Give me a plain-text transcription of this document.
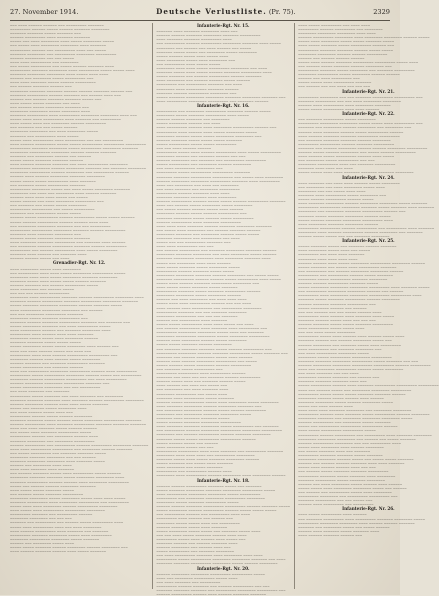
27. November 1914.	Deutsche Verlustliste. (Pr. 75).	2329
‒‒‒ ‒‒‒‒ ‒‒‒‒‒‒ ‒‒‒‒‒‒ ‒‒‒ ‒‒‒‒‒‒‒‒‒ ‒‒‒‒‒‒‒
‒‒‒‒‒‒‒‒‒ ‒‒‒‒‒‒ ‒‒‒‒‒ ‒‒‒‒‒‒ ‒‒‒‒‒‒‒ ‒‒‒‒‒‒‒‒
‒‒‒‒‒‒‒ ‒‒‒‒‒‒‒ ‒‒‒‒‒ ‒‒‒‒‒‒‒ ‒‒‒
‒‒‒‒‒‒ ‒‒‒‒‒‒‒‒‒ ‒‒‒‒ ‒‒‒‒‒‒‒ ‒‒‒‒‒‒‒
‒‒‒‒‒ ‒‒‒ ‒‒‒‒ ‒‒‒‒‒‒‒‒ ‒‒‒‒ ‒‒‒‒‒ ‒‒‒‒‒‒‒‒ ‒‒‒‒‒
‒‒‒ ‒‒‒‒‒ ‒‒‒‒ ‒‒‒‒‒‒‒‒ ‒‒‒‒‒‒‒‒ ‒‒‒‒ ‒‒‒‒‒‒‒
‒‒‒‒‒‒‒‒‒ ‒‒‒‒‒‒ ‒‒‒ ‒‒‒‒‒‒‒‒‒ ‒‒‒‒ ‒‒‒ ‒‒‒‒‒
‒‒‒‒‒‒‒ ‒‒‒‒‒‒‒‒ ‒‒‒ ‒‒‒‒‒‒‒‒‒ ‒‒‒‒‒‒‒‒ ‒‒‒‒‒‒‒‒‒
‒‒‒‒‒‒ ‒‒‒‒‒‒‒‒‒ ‒‒‒ ‒‒‒ ‒‒‒‒‒
‒‒‒‒ ‒‒‒‒ ‒‒‒‒‒‒‒‒‒ ‒‒‒ ‒‒‒‒‒‒‒‒
‒‒‒ ‒‒‒‒‒ ‒‒‒‒‒‒‒‒‒ ‒‒‒ ‒‒‒‒‒ ‒‒‒‒‒‒ ‒‒‒‒‒‒‒ ‒‒‒‒
‒‒‒‒‒‒‒‒‒ ‒‒‒‒‒‒‒ ‒‒‒‒‒‒‒‒ ‒‒‒‒ ‒‒‒‒‒‒‒‒‒ ‒‒‒‒‒ ‒‒‒‒‒ ‒‒‒‒
‒‒‒‒‒‒‒ ‒‒‒‒‒‒‒‒ ‒‒‒‒‒‒‒‒ ‒‒‒‒ ‒‒‒‒‒ ‒‒‒‒ ‒‒‒‒
‒‒‒‒‒‒ ‒‒‒ ‒‒‒‒‒‒‒‒ ‒‒‒‒‒ ‒‒‒‒‒‒‒‒‒ ‒‒‒
‒‒‒‒ ‒‒‒‒ ‒‒‒‒‒‒‒ ‒‒‒‒‒ ‒‒‒‒‒‒ ‒‒‒‒‒‒‒‒‒
‒‒‒ ‒‒‒‒‒‒ ‒‒‒‒‒‒‒ ‒‒‒‒‒‒ ‒‒‒
‒‒‒‒‒‒‒‒ ‒‒‒‒‒‒‒ ‒‒‒‒‒‒‒ ‒‒‒‒‒‒ ‒‒‒‒‒‒ ‒‒‒‒‒‒‒ ‒‒‒‒‒‒ ‒‒‒
‒‒‒‒‒‒‒ ‒‒‒‒‒‒‒‒‒ ‒‒‒‒‒‒ ‒‒‒‒‒‒‒ ‒‒‒ ‒‒‒‒‒‒ ‒‒‒‒ ‒‒‒
‒‒‒‒‒‒ ‒‒‒ ‒‒‒‒‒‒ ‒‒‒‒‒‒‒ ‒‒‒‒‒‒‒ ‒‒‒‒‒ ‒‒‒
‒‒‒‒ ‒‒‒‒‒ ‒‒‒‒‒ ‒‒‒‒‒‒‒ ‒‒‒ ‒‒‒‒
‒‒‒ ‒‒‒‒‒‒ ‒‒‒‒‒ ‒‒‒‒‒‒‒‒ ‒‒‒‒‒‒‒ ‒‒‒
‒‒‒‒‒‒‒‒ ‒‒‒‒‒‒‒‒ ‒‒‒‒‒ ‒‒‒‒‒‒‒‒ ‒‒‒‒
‒‒‒‒‒‒‒ ‒‒‒‒‒‒‒‒‒ ‒‒‒‒ ‒‒‒‒‒‒‒‒‒ ‒‒‒‒‒‒‒‒ ‒‒‒‒‒‒‒‒ ‒‒‒‒ ‒‒‒
‒‒‒‒‒ ‒‒‒‒ ‒‒‒‒ ‒‒‒‒‒‒‒‒‒ ‒‒‒‒ ‒‒‒‒‒‒‒ ‒‒‒ ‒‒‒‒‒‒‒‒‒
‒‒‒‒ ‒‒‒‒‒ ‒‒‒‒ ‒‒‒ ‒‒‒‒‒‒‒‒ ‒‒‒‒‒‒ ‒‒‒‒‒‒‒‒‒
‒‒‒ ‒‒‒‒‒‒‒ ‒‒‒ ‒‒‒ ‒‒‒‒‒ ‒‒‒‒‒‒
‒‒‒‒‒‒‒‒ ‒‒‒‒‒‒‒‒ ‒‒‒ ‒‒‒‒ ‒‒‒‒‒‒‒‒ ‒‒‒‒‒
‒‒‒‒‒‒‒ ‒‒‒ ‒‒‒‒‒‒‒‒‒ ‒‒‒‒ ‒‒‒‒‒
‒‒‒‒‒ ‒‒‒‒ ‒‒‒‒‒‒‒‒‒ ‒‒‒‒ ‒‒‒‒‒‒‒‒‒ ‒‒‒ ‒‒‒ ‒‒‒‒‒‒‒‒‒
‒‒‒‒ ‒‒‒‒‒‒ ‒‒‒‒‒‒‒‒‒ ‒‒‒‒‒ ‒‒‒‒‒ ‒‒‒‒‒‒‒‒‒ ‒‒‒‒‒‒‒‒‒ ‒‒‒‒‒‒‒‒‒
‒‒‒‒‒‒‒‒‒ ‒‒‒‒‒‒‒ ‒‒‒‒‒‒‒‒ ‒‒‒‒‒ ‒‒‒‒‒‒‒‒‒ ‒‒‒‒‒‒‒‒ ‒‒‒‒‒‒‒
‒‒‒‒‒‒‒‒ ‒‒‒‒‒‒‒‒‒ ‒‒‒‒‒‒‒‒ ‒‒‒‒‒‒ ‒‒‒‒‒‒ ‒‒‒‒‒‒‒
‒‒‒‒‒‒‒ ‒‒‒ ‒‒‒‒‒‒‒‒ ‒‒‒‒‒‒ ‒‒‒ ‒‒‒‒‒‒
‒‒‒‒‒ ‒‒‒‒‒ ‒‒‒‒‒‒‒ ‒‒‒‒‒‒‒ ‒‒‒‒‒‒
‒‒‒‒ ‒‒‒‒‒‒ ‒‒‒‒‒‒‒ ‒‒‒‒‒‒‒ ‒‒‒ ‒‒‒‒ ‒‒‒‒‒‒‒‒‒ ‒‒‒‒‒‒‒‒
‒‒‒‒‒‒‒‒‒ ‒‒‒‒‒‒‒‒ ‒‒‒‒‒‒ ‒‒‒‒‒‒‒‒ ‒‒‒‒‒‒‒ ‒‒‒ ‒‒‒‒‒‒‒ ‒‒‒‒‒‒‒‒
‒‒‒‒‒‒‒‒ ‒‒‒‒‒‒‒‒‒ ‒‒‒‒‒‒ ‒‒‒‒‒‒‒‒ ‒‒‒ ‒‒‒‒‒‒‒‒‒ ‒‒‒‒‒‒
‒‒‒‒‒‒ ‒‒‒‒ ‒‒‒‒‒‒ ‒‒‒‒‒‒‒‒ ‒‒‒‒‒‒‒ ‒‒‒‒‒‒‒‒
‒‒‒‒‒ ‒‒‒‒‒ ‒‒‒‒‒ ‒‒‒‒‒‒‒‒‒ ‒‒‒‒ ‒‒‒‒‒‒‒
‒‒‒ ‒‒‒‒‒‒‒ ‒‒‒‒‒ ‒‒‒‒‒‒‒‒‒ ‒‒‒‒‒‒‒
‒‒‒‒‒‒‒‒‒ ‒‒‒‒‒‒‒‒ ‒‒‒‒‒ ‒‒‒ ‒‒‒‒ ‒‒‒‒‒ ‒‒‒‒‒‒‒‒ ‒‒‒‒‒‒‒
‒‒‒‒‒‒‒‒ ‒‒‒ ‒‒‒‒ ‒‒‒ ‒‒‒‒‒‒‒‒ ‒‒‒‒ ‒‒‒‒‒‒ ‒‒‒‒‒‒‒
‒‒‒‒‒‒ ‒‒‒‒ ‒‒‒‒ ‒‒‒‒ ‒‒‒‒‒ ‒‒‒ ‒‒‒‒‒
‒‒‒‒‒ ‒‒‒‒‒‒ ‒‒‒ ‒‒‒‒ ‒‒‒‒‒‒‒‒ ‒‒‒‒‒‒‒‒‒ ‒‒‒
‒‒‒ ‒‒‒‒‒‒‒ ‒‒‒ ‒‒‒‒‒ ‒‒‒‒‒ ‒‒‒‒‒‒‒‒
‒‒‒‒‒‒‒‒‒ ‒‒‒‒‒‒‒‒‒ ‒‒‒ ‒‒‒‒‒ ‒‒‒‒‒‒‒‒‒
‒‒‒‒‒‒‒ ‒‒‒ ‒‒‒‒‒‒‒‒‒ ‒‒‒‒‒ ‒‒‒‒‒
‒‒‒‒‒‒ ‒‒‒‒‒ ‒‒‒‒‒‒‒‒‒ ‒‒‒‒‒‒ ‒‒‒‒‒‒‒‒‒ ‒‒‒‒‒ ‒‒‒‒‒ ‒‒‒‒‒‒
‒‒‒‒‒ ‒‒‒‒‒‒ ‒‒‒‒‒‒‒‒‒ ‒‒‒‒‒‒ ‒‒‒‒‒‒ ‒‒‒‒ ‒‒‒‒
‒‒‒ ‒‒‒‒‒‒‒‒ ‒‒‒‒‒‒‒‒ ‒‒‒‒‒‒‒ ‒‒‒ ‒‒‒ ‒‒‒‒‒‒‒‒‒
‒‒‒‒‒‒‒‒‒ ‒‒‒‒‒‒‒‒‒ ‒‒‒‒‒‒‒‒ ‒‒‒‒‒‒‒ ‒‒‒‒‒‒ ‒‒‒‒‒‒‒‒‒
‒‒‒‒‒‒‒ ‒‒‒‒ ‒‒‒‒‒‒‒ ‒‒‒‒‒‒‒‒ ‒‒‒
‒‒‒‒‒‒ ‒‒‒‒‒ ‒‒‒‒‒‒‒ ‒‒‒‒‒‒‒‒ ‒‒‒‒‒‒‒
‒‒‒‒ ‒‒‒‒‒‒‒ ‒‒‒‒‒‒‒ ‒‒‒‒‒‒‒‒‒ ‒‒‒ ‒‒‒‒‒‒‒ ‒‒‒‒ ‒‒‒‒‒‒
‒‒‒ ‒‒‒‒‒‒‒‒ ‒‒‒‒‒‒ ‒‒‒‒‒‒‒‒‒ ‒‒‒‒‒‒‒ ‒‒‒‒‒‒ ‒‒‒‒‒‒‒‒‒
‒‒‒‒‒‒‒‒‒ ‒‒‒ ‒‒‒‒‒‒ ‒‒‒‒‒‒‒‒‒ ‒‒‒‒ ‒‒‒‒‒ ‒‒‒‒‒‒‒‒
‒‒‒‒‒‒‒ ‒‒‒‒ ‒‒‒‒‒‒ ‒‒‒ ‒‒‒‒‒‒‒ ‒‒‒‒
‒‒‒‒‒‒ ‒‒‒‒‒‒ ‒‒‒‒‒ ‒‒‒ ‒‒‒‒
Grenadier-Rgt. Nr. 12.
‒‒‒‒ ‒‒‒‒‒‒‒‒ ‒‒‒‒‒ ‒‒‒‒ ‒‒‒‒‒‒‒‒
‒‒‒ ‒‒‒‒‒‒‒‒‒ ‒‒‒‒ ‒‒‒‒ ‒‒‒‒‒ ‒‒‒‒‒‒‒‒ ‒‒‒‒‒‒‒‒‒ ‒‒‒‒‒
‒‒‒‒‒‒‒‒ ‒‒‒‒ ‒‒‒‒ ‒‒‒‒‒ ‒‒‒‒‒‒‒‒ ‒‒‒‒‒‒‒ ‒‒‒‒‒‒‒‒
‒‒‒‒‒‒‒ ‒‒‒‒‒ ‒‒‒‒ ‒‒‒‒‒ ‒‒‒‒‒ ‒‒‒‒‒‒ ‒‒‒‒‒‒‒
‒‒‒‒‒‒ ‒‒‒‒‒‒‒ ‒‒‒ ‒‒‒‒‒‒ ‒‒‒‒‒‒‒‒‒ ‒‒‒‒‒
‒‒‒‒ ‒‒‒‒‒‒‒‒ ‒‒‒ ‒‒‒‒‒‒ ‒‒‒‒‒
‒‒‒ ‒‒‒ ‒‒‒ ‒‒‒‒‒‒ ‒‒‒‒‒‒‒‒‒
‒‒‒‒‒‒‒‒ ‒‒‒‒ ‒‒‒‒‒‒‒‒‒ ‒‒‒‒‒‒‒ ‒‒‒‒‒‒ ‒‒‒‒‒‒‒‒‒ ‒‒‒‒‒‒‒‒ ‒‒‒‒
‒‒‒‒‒‒‒ ‒‒‒‒‒‒ ‒‒‒‒‒‒‒‒‒ ‒‒‒‒‒‒‒ ‒‒‒‒‒‒‒‒‒ ‒‒‒‒‒‒‒‒ ‒‒‒‒‒‒‒
‒‒‒‒‒ ‒‒‒‒‒‒‒ ‒‒‒‒‒‒‒‒ ‒‒‒‒‒‒‒‒ ‒‒‒‒‒‒ ‒‒‒‒‒‒‒ ‒‒‒‒‒
‒‒‒‒ ‒‒‒‒‒‒‒‒‒ ‒‒‒‒‒‒‒‒ ‒‒‒‒‒‒‒‒ ‒‒‒ ‒‒‒‒‒‒
‒‒‒ ‒‒‒ ‒‒‒‒‒‒‒‒ ‒‒‒‒‒‒‒‒‒ ‒‒‒‒‒‒‒
‒‒‒‒‒‒‒‒ ‒‒‒‒‒ ‒‒‒‒‒‒‒ ‒‒‒‒‒‒‒‒‒ ‒‒‒
‒‒‒‒‒‒‒ ‒‒‒‒‒‒ ‒‒‒‒‒‒‒ ‒‒‒‒‒‒‒‒‒ ‒‒‒‒‒‒‒ ‒‒‒ ‒‒‒‒‒‒‒ ‒‒‒
‒‒‒‒‒ ‒‒‒‒‒‒‒‒ ‒‒‒‒‒‒‒ ‒‒‒ ‒‒‒‒ ‒‒‒‒‒‒‒‒‒ ‒‒‒‒‒
‒‒‒‒ ‒‒‒‒‒‒‒‒‒ ‒‒‒‒‒‒ ‒‒‒ ‒‒‒‒‒‒‒ ‒‒‒‒‒‒‒‒ ‒‒‒‒
‒‒‒‒‒‒‒‒‒ ‒‒‒‒ ‒‒‒‒‒‒ ‒‒‒‒ ‒‒‒‒ ‒‒‒‒‒‒‒
‒‒‒‒‒‒‒‒ ‒‒‒‒‒ ‒‒‒‒‒ ‒‒‒‒ ‒‒‒‒‒‒‒‒ ‒‒‒‒‒‒
‒‒‒‒‒‒‒ ‒‒‒‒‒‒‒ ‒‒‒‒‒ ‒‒‒‒‒ ‒‒‒‒‒
‒‒‒‒‒ ‒‒‒‒‒‒‒‒ ‒‒‒‒‒ ‒‒‒‒‒ ‒‒‒‒‒‒‒‒ ‒‒‒‒ ‒‒‒‒‒‒ ‒‒‒
‒‒‒‒ ‒‒‒ ‒‒‒‒ ‒‒‒‒‒‒ ‒‒‒‒‒ ‒‒‒ ‒‒‒‒ ‒‒‒
‒‒‒‒‒‒‒‒‒ ‒‒‒‒ ‒‒‒‒ ‒‒‒‒‒‒ ‒‒‒‒‒‒‒‒‒ ‒‒‒‒‒‒‒‒‒ ‒‒‒
‒‒‒‒‒‒‒‒ ‒‒‒‒‒‒ ‒‒‒‒ ‒‒‒‒‒‒ ‒‒‒‒‒ ‒‒‒‒‒‒‒‒
‒‒‒‒‒‒ ‒‒‒‒‒‒‒ ‒‒‒ ‒‒‒‒‒‒‒ ‒‒‒‒‒‒‒‒‒ ‒‒‒‒‒‒‒
‒‒‒‒‒ ‒‒‒‒‒‒‒‒‒ ‒‒‒ ‒‒‒‒‒‒‒ ‒‒‒‒‒‒
‒‒‒‒ ‒‒‒ ‒‒‒‒‒‒‒‒‒ ‒‒‒‒‒‒‒‒ ‒‒‒‒‒‒‒‒‒ ‒‒‒‒‒‒ ‒‒‒‒ ‒‒‒‒‒‒‒‒‒
‒‒‒‒‒‒‒‒‒ ‒‒‒‒‒ ‒‒‒‒‒‒‒‒‒ ‒‒‒‒‒‒‒‒ ‒‒‒‒‒‒ ‒‒‒‒‒ ‒‒‒ ‒‒‒‒‒‒‒‒‒
‒‒‒‒‒‒‒‒ ‒‒‒‒‒‒ ‒‒‒‒‒‒‒‒‒ ‒‒‒‒‒‒‒‒‒ ‒‒‒ ‒‒‒‒ ‒‒‒‒‒‒‒‒‒
‒‒‒‒‒‒ ‒‒‒‒‒‒‒‒ ‒‒‒‒‒‒‒‒ ‒‒‒‒‒‒‒‒‒ ‒‒‒‒‒‒‒ ‒‒‒
‒‒‒‒‒ ‒‒‒‒‒‒‒‒‒ ‒‒‒‒‒‒‒‒ ‒‒‒ ‒‒‒ ‒‒‒‒‒‒‒‒‒
‒‒‒ ‒‒‒‒ ‒‒‒‒‒‒‒ ‒‒‒ ‒‒‒‒‒‒‒
‒‒‒‒‒‒‒‒‒ ‒‒‒‒‒ ‒‒‒‒‒‒‒ ‒‒‒ ‒‒‒‒ ‒‒‒‒‒‒‒ ‒‒‒ ‒‒‒‒‒‒‒‒
‒‒‒‒‒‒‒ ‒‒‒‒‒‒‒ ‒‒‒‒‒‒‒ ‒‒‒‒ ‒‒‒‒‒‒‒ ‒‒‒‒‒‒ ‒‒‒‒‒‒‒‒‒ ‒‒‒‒‒‒‒‒
‒‒‒‒‒‒ ‒‒‒‒‒‒‒‒ ‒‒‒‒‒‒ ‒‒‒‒ ‒‒‒‒ ‒‒‒‒‒ ‒‒‒‒‒‒‒
‒‒‒‒‒ ‒‒‒ ‒‒‒‒‒‒ ‒‒‒‒‒ ‒‒‒‒‒‒‒‒ ‒‒‒‒
‒‒‒ ‒‒‒‒ ‒‒‒‒‒‒ ‒‒‒‒‒ ‒‒‒‒ ‒‒‒
‒‒‒‒‒‒‒‒‒ ‒‒‒‒‒‒ ‒‒‒‒‒ ‒‒‒‒‒‒ ‒‒‒‒‒‒‒‒
‒‒‒‒‒‒‒ ‒‒‒‒‒‒‒ ‒‒‒‒‒ ‒‒‒‒‒‒ ‒‒‒‒‒ ‒‒‒‒‒‒‒‒ ‒‒‒‒‒‒‒‒‒ ‒‒‒‒‒‒‒
‒‒‒‒‒‒ ‒‒‒‒‒‒‒‒‒ ‒‒‒‒ ‒‒‒‒‒‒‒ ‒‒‒‒‒‒‒‒‒ ‒‒‒‒‒‒‒ ‒‒‒‒‒‒‒ ‒‒‒‒‒‒‒
‒‒‒‒ ‒‒‒ ‒‒‒‒ ‒‒‒‒‒‒‒ ‒‒‒‒‒ ‒‒‒‒‒‒ ‒‒‒‒‒‒
‒‒‒ ‒‒‒‒‒ ‒‒‒‒ ‒‒‒‒‒‒‒ ‒‒‒‒‒‒‒‒‒ ‒‒‒‒‒
‒‒‒‒‒‒‒‒‒ ‒‒‒‒‒‒ ‒‒‒ ‒‒‒‒‒‒‒‒ ‒‒‒‒‒‒ ‒‒‒‒
‒‒‒‒‒‒‒ ‒‒‒‒‒‒‒‒ ‒‒‒ ‒‒‒‒‒‒‒‒ ‒‒‒‒‒‒‒‒‒
‒‒‒‒‒‒ ‒‒‒‒‒‒‒‒‒ ‒‒‒ ‒‒‒‒‒‒‒‒‒ ‒‒‒‒‒‒ ‒‒‒‒‒‒‒‒‒ ‒‒‒‒‒‒‒‒ ‒‒‒‒‒‒‒
‒‒‒‒ ‒‒‒‒ ‒‒‒‒‒‒‒‒‒ ‒‒‒‒‒‒‒‒‒ ‒‒‒ ‒‒‒‒‒‒‒‒ ‒‒‒‒‒‒ ‒‒‒‒‒‒‒
‒‒‒ ‒‒‒‒‒ ‒‒‒‒‒‒‒‒‒ ‒‒‒ ‒‒‒‒‒‒‒ ‒‒‒‒‒‒‒ ‒‒‒‒‒
‒‒‒‒‒‒‒‒ ‒‒‒‒‒‒‒ ‒‒‒‒‒‒‒‒ ‒‒‒ ‒‒‒ ‒‒‒‒‒‒
‒‒‒‒‒‒‒ ‒‒‒‒‒‒‒‒ ‒‒‒‒‒‒‒‒ ‒‒‒‒ ‒‒‒‒‒‒‒ ‒‒‒‒‒
‒‒‒‒‒‒ ‒‒‒ ‒‒‒‒‒‒‒‒ ‒‒‒‒ ‒‒‒‒
‒‒‒‒ ‒‒‒‒ ‒‒‒‒‒‒‒ ‒‒‒‒ ‒‒‒‒‒‒‒
‒‒‒ ‒‒‒‒‒‒ ‒‒‒‒‒‒‒ ‒‒‒‒‒ ‒‒‒‒ ‒‒‒‒‒‒‒‒‒ ‒‒‒‒‒ ‒‒‒‒‒‒
‒‒‒‒‒‒‒‒ ‒‒‒‒‒‒‒ ‒‒‒‒‒‒‒ ‒‒‒‒‒ ‒‒‒‒‒‒‒‒ ‒‒‒‒‒‒‒‒ ‒‒‒‒
‒‒‒‒‒‒‒ ‒‒‒‒‒‒‒‒‒ ‒‒‒‒‒‒ ‒‒‒‒‒‒ ‒‒‒‒ ‒‒‒‒‒‒‒‒ ‒‒‒‒‒‒‒‒‒
‒‒‒‒‒ ‒‒‒ ‒‒‒‒‒‒ ‒‒‒‒‒‒ ‒‒‒‒‒‒‒‒ ‒‒‒‒‒‒‒
‒‒‒‒ ‒‒‒‒‒ ‒‒‒‒‒ ‒‒‒‒‒‒‒ ‒‒‒‒‒
‒‒‒ ‒‒‒‒‒‒ ‒‒‒‒‒ ‒‒‒‒‒‒‒ ‒‒‒‒‒‒‒‒‒
‒‒‒‒‒‒‒‒ ‒‒‒‒‒‒‒‒ ‒‒‒‒‒ ‒‒‒‒‒‒‒‒ ‒‒‒‒‒ ‒‒‒‒ ‒‒‒‒ ‒‒‒‒‒
‒‒‒‒‒‒‒ ‒‒‒‒‒‒‒‒‒ ‒‒‒‒ ‒‒‒‒‒‒‒‒ ‒‒‒‒‒‒‒‒‒ ‒‒‒ ‒‒‒‒‒‒‒‒‒
‒‒‒‒‒ ‒‒‒‒ ‒‒‒‒ ‒‒‒‒‒‒‒‒ ‒‒‒‒‒‒ ‒‒‒‒‒‒‒‒‒ ‒‒‒‒‒‒‒‒
‒‒‒‒ ‒‒‒‒‒ ‒‒‒‒ ‒‒‒‒‒‒‒‒‒ ‒‒‒‒‒‒‒‒‒ ‒‒‒‒‒‒‒‒
‒‒‒‒‒‒‒‒‒ ‒‒‒‒‒‒‒ ‒‒‒ ‒‒‒‒‒‒‒‒‒ ‒‒‒‒‒‒
‒‒‒‒‒‒‒‒ ‒‒‒‒‒‒‒‒ ‒‒‒ ‒‒‒ ‒‒‒
‒‒‒‒‒‒‒ ‒‒‒ ‒‒‒‒‒‒‒‒‒ ‒‒‒ ‒‒‒‒‒‒ ‒‒‒‒‒ ‒‒‒‒‒‒‒‒‒ ‒‒‒‒
‒‒‒‒‒ ‒‒‒‒ ‒‒‒‒‒‒‒‒‒ ‒‒‒‒ ‒‒‒ ‒‒‒‒ ‒‒‒‒‒‒‒‒
‒‒‒‒ ‒‒‒‒‒‒ ‒‒‒‒‒‒‒‒‒ ‒‒‒‒ ‒‒‒‒‒‒‒ ‒‒‒ ‒‒‒‒‒‒‒
‒‒‒‒‒‒‒‒‒ ‒‒‒‒‒‒‒ ‒‒‒‒‒‒‒‒ ‒‒‒‒‒ ‒‒‒‒ ‒‒‒‒‒‒‒‒‒
‒‒‒‒‒‒‒‒ ‒‒‒‒‒‒‒‒‒ ‒‒‒‒‒‒‒‒ ‒‒‒‒‒ ‒‒‒‒‒‒‒
‒‒‒‒‒‒ ‒‒‒ ‒‒‒‒‒‒‒‒ ‒‒‒‒‒ ‒‒‒‒
‒‒‒‒‒ ‒‒‒‒‒ ‒‒‒‒‒‒‒ ‒‒‒‒‒‒ ‒‒‒‒‒‒‒‒ ‒‒‒‒‒‒ ‒‒‒‒‒‒‒‒ ‒‒‒
‒‒‒‒ ‒‒‒‒‒‒ ‒‒‒‒‒‒‒ ‒‒‒‒‒‒ ‒‒‒‒ ‒‒‒‒‒ ‒‒‒‒‒‒‒
Infanterie-Rgt. Nr. 15.
‒‒‒‒‒‒‒ ‒‒‒‒ ‒‒‒‒‒‒‒ ‒‒‒‒‒‒‒‒ ‒‒‒‒ ‒‒‒
‒‒‒‒‒‒ ‒‒‒‒‒‒ ‒‒‒‒‒‒‒ ‒‒‒‒‒‒‒‒ ‒‒‒‒‒‒‒ ‒‒‒‒‒‒‒‒‒
‒‒‒‒ ‒‒‒‒‒‒‒ ‒‒‒‒‒‒‒ ‒‒‒‒‒‒‒‒‒ ‒‒‒‒
‒‒‒ ‒‒‒‒‒‒‒‒‒ ‒‒‒‒‒‒ ‒‒‒‒‒‒‒‒‒ ‒‒‒‒‒‒‒‒ ‒‒‒‒‒‒‒ ‒‒‒‒ ‒‒‒‒‒
‒‒‒‒‒‒‒‒ ‒‒‒ ‒‒‒‒‒‒ ‒‒‒ ‒‒‒‒ ‒‒‒‒‒‒ ‒‒‒ ‒‒‒‒‒
‒‒‒‒‒‒‒ ‒‒‒‒‒ ‒‒‒‒‒ ‒‒‒ ‒‒‒‒‒‒‒‒ ‒‒‒‒‒ ‒‒‒‒‒‒‒‒
‒‒‒‒‒ ‒‒‒‒‒‒ ‒‒‒‒‒ ‒‒‒‒ ‒‒‒‒‒ ‒‒‒‒
‒‒‒‒ ‒‒‒‒‒‒‒‒ ‒‒‒‒‒ ‒‒‒‒ ‒‒‒‒‒‒‒‒ ‒‒‒
‒‒‒ ‒‒‒‒‒‒‒‒‒ ‒‒‒‒ ‒‒‒‒‒ ‒‒‒‒‒
‒‒‒‒‒‒‒‒ ‒‒‒‒ ‒‒‒‒ ‒‒‒‒‒ ‒‒‒‒‒‒‒‒‒ ‒‒‒‒‒‒‒‒ ‒‒‒ ‒‒‒‒
‒‒‒‒‒‒‒ ‒‒‒‒‒ ‒‒‒‒ ‒‒‒‒‒ ‒‒‒‒‒‒ ‒‒‒‒‒‒‒ ‒‒‒‒‒‒‒‒‒ ‒‒‒‒
‒‒‒‒‒ ‒‒‒‒‒‒‒ ‒‒‒ ‒‒‒‒‒‒ ‒‒‒‒‒‒‒‒‒ ‒‒‒‒‒‒ ‒‒‒‒‒‒‒
‒‒‒‒ ‒‒‒‒‒‒‒‒ ‒‒‒ ‒‒‒‒‒‒ ‒‒‒‒‒‒ ‒‒‒‒‒ ‒‒‒‒‒‒
‒‒‒‒‒‒‒‒‒ ‒‒‒ ‒‒‒‒‒‒‒‒‒ ‒‒‒‒‒‒‒ ‒‒‒ ‒‒‒‒
‒‒‒‒‒‒‒‒ ‒‒‒‒ ‒‒‒‒‒‒‒‒‒ ‒‒‒‒‒‒‒ ‒‒‒‒‒‒
‒‒‒‒‒‒‒ ‒‒‒‒‒‒ ‒‒‒‒‒‒‒‒‒ ‒‒‒‒‒‒‒‒ ‒‒‒
‒‒‒‒‒ ‒‒‒‒‒‒‒ ‒‒‒‒‒‒‒‒ ‒‒‒‒‒‒‒‒ ‒‒‒‒‒‒‒ ‒‒‒‒‒‒‒‒ ‒‒‒‒‒‒‒ ‒‒‒
‒‒‒‒ ‒‒‒‒‒‒‒‒‒ ‒‒‒‒‒‒‒‒ ‒‒‒‒‒‒‒‒‒ ‒‒‒ ‒‒‒‒‒‒‒ ‒‒‒‒‒‒
Infanterie-Rgt. Nr. 16.
‒‒‒‒‒‒‒‒‒ ‒‒‒ ‒‒‒‒‒‒‒‒ ‒‒‒‒‒‒‒‒‒ ‒‒‒‒‒‒‒ ‒‒‒‒‒‒ ‒‒‒‒‒
‒‒‒‒‒‒‒‒ ‒‒‒‒‒ ‒‒‒‒‒‒‒ ‒‒‒‒‒‒‒‒‒ ‒‒‒‒ ‒‒‒‒‒
‒‒‒‒‒‒ ‒‒‒‒‒‒ ‒‒‒‒‒‒‒ ‒‒‒ ‒‒‒‒‒‒‒‒
‒‒‒‒‒ ‒‒‒‒‒‒‒‒ ‒‒‒‒‒‒ ‒‒‒ ‒‒‒‒
‒‒‒‒ ‒‒‒‒‒‒‒‒‒ ‒‒‒‒‒‒ ‒‒‒‒ ‒‒‒‒‒‒‒‒ ‒‒‒‒‒‒‒‒‒ ‒‒‒‒‒‒ ‒‒‒
‒‒‒‒‒‒‒‒‒ ‒‒‒‒ ‒‒‒‒‒‒ ‒‒‒‒ ‒‒‒‒‒ ‒‒‒‒‒‒‒‒ ‒‒‒‒‒
‒‒‒‒‒‒‒‒ ‒‒‒‒‒‒ ‒‒‒‒‒ ‒‒‒‒‒ ‒‒‒‒‒‒‒‒ ‒‒‒‒‒‒‒‒ ‒‒‒
‒‒‒‒‒‒ ‒‒‒‒‒‒‒ ‒‒‒‒‒ ‒‒‒‒‒ ‒‒‒‒‒ ‒‒‒‒‒‒‒
‒‒‒‒‒ ‒‒‒‒‒‒‒‒‒ ‒‒‒‒‒ ‒‒‒‒‒ ‒‒‒‒‒‒‒‒‒
‒‒‒ ‒‒‒ ‒‒‒‒ ‒‒‒‒‒‒ ‒‒‒‒‒‒
‒‒‒‒‒‒‒‒‒ ‒‒‒‒‒ ‒‒‒‒ ‒‒‒‒‒‒ ‒‒‒‒‒‒‒‒‒ ‒‒‒‒ ‒‒‒‒‒ ‒‒‒‒‒‒‒‒‒
‒‒‒‒‒‒‒‒ ‒‒‒‒‒‒ ‒‒‒ ‒‒‒‒‒‒‒ ‒‒‒‒‒‒ ‒‒‒ ‒‒‒
‒‒‒‒‒‒ ‒‒‒‒‒‒‒‒ ‒‒‒ ‒‒‒‒‒‒‒ ‒‒‒ ‒‒‒‒‒‒‒‒‒ ‒‒‒‒‒‒‒‒‒
‒‒‒‒‒ ‒‒‒‒‒‒‒‒‒ ‒‒‒ ‒‒‒‒‒‒‒‒ ‒‒‒‒‒‒ ‒‒‒‒‒‒‒‒
‒‒‒ ‒‒‒‒ ‒‒‒‒‒‒‒‒‒ ‒‒‒‒‒‒‒‒ ‒‒‒
‒‒‒‒‒‒‒‒‒ ‒‒‒‒‒ ‒‒‒‒‒‒‒‒‒ ‒‒‒‒‒‒‒‒‒ ‒‒‒‒‒‒‒
‒‒‒‒‒‒‒ ‒‒‒‒‒‒‒ ‒‒‒‒‒‒‒‒‒ ‒‒‒‒‒‒‒‒‒ ‒‒‒ ‒‒‒‒‒ ‒‒‒‒ ‒‒‒‒‒‒‒‒
‒‒‒‒‒‒ ‒‒‒‒‒‒‒‒ ‒‒‒‒‒‒‒‒ ‒‒‒‒‒‒‒‒‒ ‒‒‒‒‒‒‒ ‒‒‒‒ ‒‒‒‒‒‒‒‒‒
‒‒‒‒ ‒‒‒ ‒‒‒‒‒‒‒‒ ‒‒‒ ‒‒‒‒ ‒‒‒ ‒‒‒‒‒‒‒‒
‒‒‒ ‒‒‒‒ ‒‒‒‒‒‒‒ ‒‒‒ ‒‒‒‒‒‒‒‒ ‒‒‒‒‒‒‒‒‒
‒‒‒‒‒‒‒‒‒ ‒‒‒‒‒‒ ‒‒‒‒‒‒‒ ‒‒‒‒ ‒‒‒‒
‒‒‒‒‒‒‒ ‒‒‒‒‒‒‒ ‒‒‒‒‒‒‒ ‒‒‒‒ ‒‒‒‒‒‒‒‒
‒‒‒‒‒‒ ‒‒‒‒‒‒‒‒‒ ‒‒‒‒‒‒ ‒‒‒‒‒ ‒‒‒‒‒ ‒‒‒‒‒‒ ‒‒‒‒‒‒‒‒‒ ‒‒‒‒‒‒‒
‒‒‒‒ ‒‒‒ ‒‒‒‒‒‒ ‒‒‒‒‒ ‒‒‒‒‒‒‒‒ ‒‒‒‒‒ ‒‒‒‒‒‒‒‒
‒‒‒ ‒‒‒‒‒ ‒‒‒‒‒‒ ‒‒‒‒‒‒ ‒‒‒‒‒ ‒‒‒‒ ‒‒‒‒‒‒
‒‒‒‒‒‒‒‒ ‒‒‒‒‒‒ ‒‒‒‒‒ ‒‒‒‒‒‒ ‒‒‒‒‒‒‒‒‒ ‒‒‒
‒‒‒‒‒‒‒ ‒‒‒‒‒‒‒‒ ‒‒‒‒‒ ‒‒‒‒‒‒ ‒‒‒‒‒ ‒‒‒‒‒‒‒‒‒
‒‒‒‒‒‒ ‒‒‒‒‒‒‒‒‒ ‒‒‒‒ ‒‒‒‒‒‒‒ ‒‒‒‒‒‒‒‒‒
‒‒‒‒ ‒‒‒‒ ‒‒‒‒ ‒‒‒‒‒‒‒ ‒‒‒‒‒‒ ‒‒‒‒‒‒‒ ‒‒‒‒‒‒‒‒ ‒‒‒‒‒‒‒
‒‒‒ ‒‒‒‒‒ ‒‒‒‒ ‒‒‒‒‒‒‒‒ ‒‒‒ ‒‒‒‒‒‒ ‒‒‒‒‒‒‒ ‒‒‒‒‒‒
‒‒‒‒‒‒‒‒ ‒‒‒‒‒‒‒ ‒‒‒ ‒‒‒‒‒‒‒‒ ‒‒‒‒‒‒ ‒‒‒‒‒ ‒‒‒‒‒
‒‒‒‒‒‒‒ ‒‒‒‒‒‒‒‒ ‒‒‒ ‒‒‒‒‒‒‒‒‒ ‒‒‒ ‒‒‒‒
‒‒‒‒‒ ‒‒‒ ‒‒‒ ‒‒‒‒‒‒‒‒‒ ‒‒‒‒‒‒‒ ‒‒‒
‒‒‒‒ ‒‒‒‒ ‒‒‒‒‒‒‒‒‒ ‒‒‒ ‒‒‒
‒‒‒ ‒‒‒‒‒‒ ‒‒‒‒‒‒‒‒‒ ‒‒‒ ‒‒‒‒‒‒‒ ‒‒‒‒‒‒‒‒ ‒‒‒‒‒‒‒ ‒‒‒‒‒‒
‒‒‒‒‒‒‒‒ ‒‒‒‒‒‒‒ ‒‒‒‒‒‒‒‒ ‒‒‒ ‒‒‒‒ ‒‒‒‒‒‒‒‒ ‒‒‒‒‒ ‒‒‒‒‒‒
‒‒‒‒‒‒‒ ‒‒‒‒‒‒‒‒‒ ‒‒‒‒‒‒‒‒ ‒‒‒‒ ‒‒‒‒‒‒‒‒ ‒‒‒‒‒‒‒ ‒‒‒‒
‒‒‒‒‒ ‒‒‒ ‒‒‒‒‒‒‒‒ ‒‒‒‒ ‒‒‒‒ ‒‒‒‒‒‒
‒‒‒‒ ‒‒‒‒‒ ‒‒‒‒‒‒‒ ‒‒‒‒‒ ‒‒‒‒‒‒‒‒ ‒‒‒‒‒
‒‒‒‒‒‒‒‒‒ ‒‒‒‒‒‒ ‒‒‒‒‒‒‒ ‒‒‒‒‒ ‒‒‒‒‒
‒‒‒‒‒‒‒‒ ‒‒‒‒‒‒‒‒ ‒‒‒‒‒‒‒ ‒‒‒‒‒‒ ‒‒‒‒‒‒‒‒ ‒‒‒ ‒‒‒‒‒ ‒‒‒‒‒
‒‒‒‒‒‒‒ ‒‒‒‒‒‒‒‒‒ ‒‒‒‒‒‒ ‒‒‒‒‒‒ ‒‒‒‒‒ ‒‒‒‒‒‒‒‒‒ ‒‒‒‒ ‒‒‒‒‒
‒‒‒‒‒ ‒‒‒‒ ‒‒‒‒‒‒ ‒‒‒‒‒‒‒ ‒‒‒‒‒‒‒‒‒ ‒‒‒‒‒‒‒‒ ‒‒‒
‒‒‒‒ ‒‒‒‒‒ ‒‒‒‒‒ ‒‒‒‒‒‒‒ ‒‒‒‒‒ ‒‒‒‒‒‒‒
‒‒‒‒‒‒‒‒‒ ‒‒‒‒‒‒‒ ‒‒‒‒‒ ‒‒‒‒‒‒‒ ‒‒‒‒‒‒‒‒‒ ‒‒‒‒‒‒
‒‒‒‒‒‒‒‒ ‒‒‒‒‒‒‒‒ ‒‒‒‒‒ ‒‒‒‒‒‒‒‒ ‒‒‒‒‒‒
‒‒‒‒‒‒ ‒‒‒ ‒‒‒‒ ‒‒‒‒‒‒‒‒ ‒‒‒ ‒‒‒‒ ‒‒‒‒ ‒‒‒‒
‒‒‒‒‒ ‒‒‒‒ ‒‒‒‒ ‒‒‒‒‒‒‒‒‒ ‒‒‒‒‒‒ ‒‒‒ ‒‒‒ ‒‒‒‒
‒‒‒‒ ‒‒‒‒‒‒ ‒‒‒‒ ‒‒‒‒‒‒‒‒‒ ‒‒‒ ‒‒‒‒‒‒‒‒‒ ‒‒‒‒‒‒‒‒
‒‒‒‒‒‒‒‒‒ ‒‒‒‒‒‒‒ ‒‒‒ ‒‒‒ ‒‒‒‒‒‒‒ ‒‒‒‒‒‒‒‒
‒‒‒‒‒‒‒‒ ‒‒‒‒‒‒‒‒‒ ‒‒‒ ‒‒‒ ‒‒‒ ‒‒‒‒‒‒‒
‒‒‒‒‒‒ ‒‒‒ ‒‒‒‒‒‒‒‒‒ ‒‒‒‒ ‒‒‒‒‒‒‒
‒‒‒‒‒ ‒‒‒‒‒ ‒‒‒‒‒‒‒‒‒ ‒‒‒‒ ‒‒‒‒ ‒‒‒‒‒ ‒‒‒ ‒‒‒‒
‒‒‒ ‒‒‒‒‒‒ ‒‒‒‒‒‒‒‒‒ ‒‒‒‒ ‒‒‒‒‒‒‒ ‒‒‒‒ ‒‒‒‒‒‒‒‒‒ ‒‒‒
‒‒‒‒‒‒‒‒‒ ‒‒‒‒‒‒‒‒ ‒‒‒‒‒‒‒‒ ‒‒‒‒‒ ‒‒‒‒ ‒‒‒ ‒‒‒‒‒‒‒
‒‒‒‒‒‒‒‒ ‒‒‒‒‒‒‒‒‒ ‒‒‒‒‒‒‒‒ ‒‒‒‒‒ ‒‒‒‒‒‒‒‒ ‒‒‒‒‒‒‒‒‒
‒‒‒‒‒‒ ‒‒‒‒ ‒‒‒‒‒‒‒‒ ‒‒‒‒‒‒ ‒‒‒‒‒ ‒‒‒‒‒‒‒‒
‒‒‒‒‒ ‒‒‒‒‒ ‒‒‒‒‒‒‒ ‒‒‒‒‒‒ ‒‒‒‒‒‒‒‒
‒‒‒ ‒‒‒‒‒‒‒ ‒‒‒‒‒‒‒ ‒‒‒‒‒‒‒ ‒‒‒‒‒ ‒‒‒‒‒‒ ‒‒‒‒‒‒‒‒‒ ‒‒‒
‒‒‒‒‒‒‒‒‒ ‒‒‒‒‒‒‒‒ ‒‒‒‒‒‒ ‒‒‒‒‒‒‒ ‒‒‒‒‒‒‒‒‒ ‒‒‒‒‒ ‒‒‒‒‒‒‒ ‒‒‒
‒‒‒‒‒‒‒ ‒‒‒ ‒‒‒‒‒‒ ‒‒‒‒‒‒‒‒ ‒‒‒‒‒ ‒‒‒‒ ‒‒‒‒‒‒
‒‒‒‒‒‒ ‒‒‒‒ ‒‒‒‒‒‒ ‒‒‒‒‒‒‒‒ ‒‒‒‒‒‒‒‒‒ ‒‒‒ ‒‒‒‒‒
‒‒‒‒‒ ‒‒‒‒‒‒ ‒‒‒‒‒ ‒‒‒‒‒‒‒‒ ‒‒‒‒‒‒ ‒‒‒‒‒‒‒‒‒
‒‒‒ ‒‒‒‒‒‒‒ ‒‒‒‒‒ ‒‒‒‒‒‒‒‒‒ ‒‒‒
‒‒‒‒‒‒‒‒‒ ‒‒‒‒‒‒‒‒‒ ‒‒‒‒ ‒‒‒‒‒‒‒‒‒ ‒‒‒‒‒‒
‒‒‒‒‒‒‒ ‒‒‒ ‒‒‒‒ ‒‒‒ ‒‒‒ ‒‒‒‒‒‒‒ ‒‒‒‒‒‒ ‒‒‒‒‒‒‒‒‒
‒‒‒‒‒‒ ‒‒‒‒‒ ‒‒‒‒ ‒‒‒ ‒‒‒‒‒‒‒ ‒‒‒‒‒‒ ‒‒‒‒‒
‒‒‒‒ ‒‒‒‒‒‒ ‒‒‒ ‒‒‒‒ ‒‒‒ ‒‒‒‒‒ ‒‒‒
‒‒‒ ‒‒‒‒‒‒‒‒ ‒‒‒ ‒‒‒‒ ‒‒‒‒‒‒‒ ‒‒‒‒
‒‒‒‒‒‒‒‒ ‒‒‒‒‒‒‒‒‒ ‒‒‒ ‒‒‒‒‒ ‒‒‒‒
‒‒‒‒‒‒‒ ‒‒‒‒ ‒‒‒‒‒‒‒‒‒ ‒‒‒‒‒ ‒‒‒‒‒‒‒
‒‒‒‒‒‒ ‒‒‒‒‒ ‒‒‒‒‒‒‒‒‒ ‒‒‒‒‒ ‒‒‒‒ ‒‒‒‒‒‒‒‒ ‒‒‒‒‒ ‒‒‒‒‒‒‒‒
‒‒‒‒ ‒‒‒‒‒‒‒ ‒‒‒‒‒‒‒‒ ‒‒‒‒‒‒ ‒‒‒‒‒‒‒‒ ‒‒‒‒‒‒‒ ‒‒‒
‒‒‒ ‒‒‒‒‒‒‒‒ ‒‒‒‒‒‒‒‒ ‒‒‒‒‒‒ ‒‒‒‒‒ ‒‒‒‒‒‒ ‒‒‒‒‒‒‒‒‒
‒‒‒‒‒‒‒‒ ‒‒‒ ‒‒‒‒‒‒‒‒ ‒‒‒‒‒‒‒ ‒‒‒‒‒‒‒‒ ‒‒‒‒‒
‒‒‒‒‒‒‒ ‒‒‒‒ ‒‒‒‒‒‒‒ ‒‒‒‒‒‒‒ ‒‒‒‒‒
‒‒‒‒‒ ‒‒‒‒‒‒ ‒‒‒‒‒‒‒ ‒‒‒‒‒‒‒‒ ‒‒‒‒‒‒‒‒‒
‒‒‒‒ ‒‒‒‒‒‒‒ ‒‒‒‒‒‒‒ ‒‒‒‒‒‒‒‒ ‒‒‒‒‒ ‒‒‒‒‒‒‒‒‒ ‒‒‒ ‒‒‒‒‒‒‒
‒‒‒ ‒‒‒‒‒‒‒‒‒ ‒‒‒‒‒‒ ‒‒‒‒‒‒‒‒ ‒‒‒‒‒‒‒‒‒ ‒‒‒‒‒‒‒‒ ‒‒‒‒‒‒‒‒‒
‒‒‒‒‒‒‒‒ ‒‒‒ ‒‒‒‒‒‒ ‒‒‒‒‒‒‒‒‒ ‒‒‒‒‒‒ ‒‒‒‒‒‒‒ ‒‒‒‒‒‒‒‒
‒‒‒‒‒‒‒ ‒‒‒‒‒ ‒‒‒‒‒ ‒‒‒‒‒‒‒‒‒ ‒‒‒‒‒‒‒‒‒ ‒‒‒‒‒‒
‒‒‒‒‒ ‒‒‒‒‒‒ ‒‒‒‒‒ ‒‒‒ ‒‒‒‒‒‒
‒‒‒‒ ‒‒‒‒‒‒‒‒ ‒‒‒‒‒ ‒‒‒ ‒‒‒
‒‒‒‒‒‒‒‒‒ ‒‒‒‒‒‒‒‒‒ ‒‒‒‒ ‒‒‒‒ ‒‒‒‒‒‒‒ ‒‒‒ ‒‒‒‒‒‒‒‒‒ ‒‒‒‒‒‒‒
‒‒‒‒‒‒‒‒ ‒‒‒‒ ‒‒‒‒ ‒‒‒‒ ‒‒‒ ‒‒‒‒‒‒‒‒‒ ‒‒‒‒‒‒‒‒
‒‒‒‒‒‒‒ ‒‒‒‒‒ ‒‒‒‒ ‒‒‒‒‒ ‒‒‒‒‒‒‒ ‒‒‒‒‒‒‒‒ ‒‒‒‒‒‒
‒‒‒‒‒ ‒‒‒‒‒‒‒ ‒‒‒ ‒‒‒‒‒ ‒‒‒‒ ‒‒‒‒‒‒‒
‒‒‒‒ ‒‒‒‒‒‒‒‒ ‒‒‒ ‒‒‒‒‒ ‒‒‒‒‒‒‒
‒‒‒‒‒‒‒‒‒ ‒‒‒ ‒‒‒‒‒‒‒‒‒ ‒‒‒‒‒‒ ‒‒‒‒
‒‒‒‒‒‒‒‒ ‒‒‒‒ ‒‒‒‒‒‒‒‒‒ ‒‒‒‒‒‒ ‒‒‒‒‒‒‒‒ ‒‒‒‒ ‒‒‒‒‒‒‒‒ ‒‒‒‒‒‒
Infanterie-Rgt. Nr. 18.
‒‒‒‒‒‒ ‒‒‒‒‒‒ ‒‒‒‒‒‒‒‒‒ ‒‒‒‒‒‒‒ ‒‒‒‒‒ ‒‒‒ ‒‒‒‒‒‒‒
‒‒‒‒‒ ‒‒‒‒‒‒‒ ‒‒‒‒‒‒‒‒ ‒‒‒‒‒‒‒ ‒‒‒‒‒‒‒‒ ‒‒‒‒‒‒‒‒‒ ‒‒‒‒‒
‒‒‒‒ ‒‒‒‒‒‒‒‒‒ ‒‒‒‒‒‒‒‒ ‒‒‒‒‒‒‒‒ ‒‒‒‒‒ ‒‒‒‒‒‒‒‒‒
‒‒‒‒‒‒‒‒‒ ‒‒‒ ‒‒‒‒‒‒‒‒ ‒‒‒‒‒‒‒‒ ‒‒‒‒‒‒‒‒‒ ‒‒‒‒‒‒‒‒
‒‒‒‒‒‒‒‒ ‒‒‒‒‒ ‒‒‒‒‒‒‒ ‒‒‒‒‒‒‒‒‒ ‒‒‒‒‒
‒‒‒‒‒‒ ‒‒‒‒‒‒ ‒‒‒‒‒‒‒ ‒‒‒‒‒‒‒‒‒ ‒‒‒‒‒‒‒‒‒ ‒‒‒‒‒‒ ‒‒‒‒‒‒‒ ‒‒‒‒‒
‒‒‒‒‒ ‒‒‒‒‒‒‒‒ ‒‒‒‒‒‒ ‒‒‒‒‒‒‒‒‒ ‒‒‒‒‒‒ ‒‒‒‒‒ ‒‒‒‒‒ ‒‒‒‒‒
‒‒‒ ‒‒‒‒‒‒‒‒‒ ‒‒‒‒‒‒ ‒‒‒ ‒‒‒‒‒‒‒‒‒ ‒‒‒‒ ‒‒‒‒
‒‒‒‒‒‒‒‒‒ ‒‒‒‒ ‒‒‒‒‒‒ ‒‒‒ ‒‒‒‒‒‒ ‒‒‒
‒‒‒‒‒‒‒‒ ‒‒‒‒‒ ‒‒‒‒‒ ‒‒‒‒ ‒‒‒ ‒‒‒‒‒‒‒‒‒
‒‒‒‒‒‒ ‒‒‒‒‒‒‒ ‒‒‒‒‒ ‒‒‒‒ ‒‒‒‒‒‒‒
‒‒‒‒‒ ‒‒‒‒‒‒‒‒ ‒‒‒‒‒ ‒‒‒‒‒ ‒‒‒ ‒‒‒‒‒‒‒ ‒‒‒‒‒ ‒‒‒‒
‒‒‒ ‒‒‒ ‒‒‒‒ ‒‒‒‒‒ ‒‒‒‒‒‒‒ ‒‒‒‒‒‒ ‒‒‒‒ ‒‒‒‒
‒‒‒‒‒‒‒‒‒ ‒‒‒‒‒ ‒‒‒‒ ‒‒‒‒‒‒ ‒‒‒‒ ‒‒‒‒‒ ‒‒‒
‒‒‒‒‒‒‒ ‒‒‒‒‒‒ ‒‒‒ ‒‒‒‒‒‒ ‒‒‒‒‒‒‒ ‒‒‒‒
‒‒‒‒‒‒ ‒‒‒‒‒‒‒‒ ‒‒‒ ‒‒‒‒‒‒ ‒‒‒‒ ‒‒‒
‒‒‒‒‒ ‒‒‒‒‒‒‒‒‒ ‒‒‒ ‒‒‒‒‒‒‒ ‒‒‒‒‒‒‒‒
‒‒‒ ‒‒‒‒ ‒‒‒‒‒‒‒‒‒ ‒‒‒‒‒‒‒ ‒‒‒‒ ‒‒‒‒‒‒‒‒ ‒‒‒‒ ‒‒‒‒
‒‒‒‒‒‒‒‒‒ ‒‒‒‒‒ ‒‒‒‒‒‒‒‒‒ ‒‒‒‒‒‒‒‒ ‒‒‒‒‒‒‒‒ ‒‒‒‒‒‒‒ ‒‒‒ ‒‒‒‒
‒‒‒‒‒‒‒ ‒‒‒‒‒‒‒ ‒‒‒‒‒‒‒‒‒ ‒‒‒‒‒‒‒‒ ‒‒‒‒‒ ‒‒‒‒‒‒ ‒‒‒‒‒‒‒‒
Infanterie-Rgt. Nr. 20.
‒‒‒‒‒‒ ‒‒‒‒‒‒‒‒ ‒‒‒‒‒‒‒‒ ‒‒‒‒‒‒‒‒‒ ‒‒‒‒‒‒‒‒‒ ‒‒‒‒‒
‒‒‒‒ ‒‒‒ ‒‒‒‒‒‒‒‒ ‒‒‒‒‒‒‒‒‒ ‒‒‒‒‒ ‒‒‒‒
‒‒‒ ‒‒‒‒ ‒‒‒‒‒‒‒ ‒‒‒ ‒‒‒‒‒‒‒‒‒
‒‒‒‒‒‒‒‒‒ ‒‒‒‒‒‒ ‒‒‒‒‒‒‒ ‒‒‒ ‒‒‒‒‒‒ ‒‒‒‒‒‒‒‒‒ ‒‒‒ ‒‒‒
‒‒‒‒‒‒‒ ‒‒‒‒‒‒‒ ‒‒‒‒‒‒‒ ‒‒‒ ‒‒‒‒‒‒‒‒‒ ‒‒‒‒‒‒‒‒ ‒‒‒‒‒‒‒‒‒ ‒‒‒
‒‒‒‒‒‒ ‒‒‒‒‒‒‒‒‒ ‒‒‒‒‒‒ ‒‒‒‒ ‒‒‒‒‒‒ ‒‒‒‒‒‒‒ ‒‒‒‒‒‒‒
‒‒‒‒ ‒‒‒‒‒ ‒‒‒‒‒‒‒‒‒ ‒‒‒ ‒‒‒‒ ‒‒‒‒
‒‒‒‒‒‒‒‒‒ ‒‒‒‒‒‒ ‒‒‒‒‒‒‒‒‒ ‒‒‒ ‒‒‒‒‒‒‒‒
‒‒‒‒‒‒‒‒ ‒‒‒‒‒‒‒‒ ‒‒‒‒‒‒‒‒ ‒‒‒‒ ‒‒‒‒
‒‒‒‒‒‒ ‒‒‒‒‒‒‒‒‒ ‒‒‒‒‒‒‒‒ ‒‒‒‒ ‒‒‒‒‒‒‒‒ ‒‒‒‒‒‒‒‒ ‒‒‒‒‒‒ ‒‒‒‒‒
‒‒‒‒‒ ‒‒‒‒ ‒‒‒‒‒‒‒‒ ‒‒‒‒‒ ‒‒‒‒‒ ‒‒‒‒‒‒‒ ‒‒‒‒‒
‒‒‒‒ ‒‒‒‒‒ ‒‒‒‒‒‒‒ ‒‒‒‒‒ ‒‒‒‒‒‒‒‒‒ ‒‒‒‒‒‒ ‒‒‒
‒‒‒‒‒‒‒‒‒ ‒‒‒‒‒‒‒ ‒‒‒‒‒‒‒ ‒‒‒‒‒‒ ‒‒‒‒‒ ‒‒‒‒‒
‒‒‒‒‒‒‒‒ ‒‒‒‒‒‒‒‒ ‒‒‒‒‒‒ ‒‒‒‒‒‒ ‒‒‒‒‒‒‒‒‒
‒‒‒‒‒‒ ‒‒‒ ‒‒‒‒‒‒ ‒‒‒‒‒‒ ‒‒‒‒‒‒
‒‒‒‒‒ ‒‒‒‒ ‒‒‒‒‒‒ ‒‒‒‒‒‒‒ ‒‒‒‒‒‒‒‒‒ ‒‒‒‒‒‒‒‒‒ ‒‒‒‒‒ ‒‒‒‒
‒‒‒ ‒‒‒‒‒‒ ‒‒‒‒‒ ‒‒‒‒‒‒‒ ‒‒‒‒‒‒ ‒‒‒‒‒‒‒‒ ‒‒‒
‒‒‒‒‒‒‒‒‒ ‒‒‒‒‒‒‒ ‒‒‒‒‒ ‒‒‒‒‒‒‒‒ ‒‒‒ ‒‒‒‒‒‒‒ ‒‒‒‒‒‒‒‒‒
‒‒‒‒‒‒‒‒ ‒‒‒‒‒‒‒‒‒ ‒‒‒‒‒ ‒‒‒‒‒‒‒‒ ‒‒‒‒‒‒ ‒‒‒‒‒‒
‒‒‒‒‒‒ ‒‒‒ ‒‒‒‒ ‒‒‒‒‒‒‒‒‒ ‒‒‒
‒‒‒‒‒ ‒‒‒‒‒ ‒‒‒‒ ‒‒‒‒‒‒‒‒‒ ‒‒‒‒‒‒‒
‒‒‒ ‒‒‒‒‒‒ ‒‒‒ ‒‒‒ ‒‒‒‒ ‒‒‒ ‒‒‒ ‒‒‒
Infanterie-Rgt. Nr. 21.
‒‒‒‒‒‒‒‒‒ ‒‒‒‒‒‒‒‒ ‒‒‒ ‒‒‒ ‒‒‒‒‒‒‒ ‒‒‒‒‒‒‒‒‒ ‒‒‒‒‒‒‒‒‒ ‒‒‒
‒‒‒‒‒‒‒ ‒‒‒‒‒‒‒‒‒ ‒‒‒ ‒‒‒ ‒‒‒‒ ‒‒‒‒‒‒‒‒ ‒‒‒‒‒‒‒‒
‒‒‒‒‒‒ ‒‒‒‒ ‒‒‒‒‒‒‒‒‒ ‒‒‒‒ ‒‒‒‒‒‒‒‒ ‒‒‒‒‒‒‒
‒‒‒‒‒ ‒‒‒‒‒ ‒‒‒‒‒‒‒‒‒ ‒‒‒‒ ‒‒‒‒ ‒‒‒‒‒‒
Infanterie-Rgt. Nr. 22.
‒‒‒ ‒‒‒‒‒‒‒ ‒‒‒‒‒‒‒‒‒ ‒‒‒‒‒ ‒‒‒‒‒‒‒‒
‒‒‒‒‒‒‒‒‒ ‒‒‒‒‒‒‒‒ ‒‒‒‒‒‒‒‒ ‒‒‒‒‒ ‒‒‒‒‒ ‒‒‒‒ ‒‒‒‒‒‒‒‒‒ ‒‒‒
‒‒‒‒‒‒‒ ‒‒‒ ‒‒‒‒‒‒‒‒ ‒‒‒‒‒‒ ‒‒‒‒‒‒‒‒ ‒‒‒ ‒‒‒‒‒‒‒‒ ‒‒‒
‒‒‒‒‒‒ ‒‒‒‒ ‒‒‒‒‒‒‒ ‒‒‒‒‒‒ ‒‒‒‒‒ ‒‒‒‒‒‒‒‒‒ ‒‒‒‒‒‒
‒‒‒‒ ‒‒‒‒‒‒ ‒‒‒‒‒‒‒ ‒‒‒‒‒‒‒ ‒‒‒‒‒‒‒‒‒ ‒‒‒‒‒‒‒‒‒
‒‒‒ ‒‒‒‒‒‒‒ ‒‒‒‒‒‒‒ ‒‒‒‒‒‒‒ ‒‒‒‒‒‒ ‒‒‒‒‒‒‒‒
‒‒‒‒‒‒‒‒‒ ‒‒‒‒‒‒‒‒‒ ‒‒‒‒‒‒ ‒‒‒‒‒‒‒ ‒‒‒‒‒‒‒‒‒
‒‒‒‒‒‒‒ ‒‒‒ ‒‒‒‒‒‒ ‒‒‒‒‒‒‒‒ ‒‒‒‒‒‒ ‒‒‒‒‒‒ ‒‒‒‒‒‒‒‒ ‒‒‒‒‒‒‒‒‒
‒‒‒‒‒‒ ‒‒‒‒‒ ‒‒‒‒‒‒ ‒‒‒‒‒‒‒‒ ‒‒‒ ‒‒‒‒‒ ‒‒‒‒‒‒ ‒‒‒‒‒‒‒‒‒
‒‒‒‒ ‒‒‒‒‒‒ ‒‒‒‒‒ ‒‒‒‒‒‒‒‒‒ ‒‒‒‒‒‒ ‒‒‒‒ ‒‒‒‒‒
‒‒‒ ‒‒‒‒‒‒‒‒ ‒‒‒‒‒ ‒‒‒‒‒‒‒‒‒ ‒‒‒ ‒‒‒
‒‒‒‒‒‒‒‒ ‒‒‒‒‒‒‒‒‒ ‒‒‒‒ ‒‒‒ ‒‒‒‒‒‒‒ ‒‒‒‒‒‒‒‒‒
‒‒‒‒‒‒‒ ‒‒‒‒ ‒‒‒‒ ‒‒‒ ‒‒‒‒
‒‒‒‒‒ ‒‒‒‒‒ ‒‒‒‒ ‒‒‒‒ ‒‒‒‒‒‒‒ ‒‒‒‒‒‒‒ ‒‒‒‒‒‒‒ ‒‒‒‒‒‒‒‒
Infanterie-Rgt. Nr. 24.
‒‒‒‒ ‒‒‒‒‒‒‒ ‒‒‒ ‒‒‒‒ ‒‒‒‒ ‒‒‒‒‒‒ ‒‒‒‒‒ ‒‒‒‒‒‒‒‒
‒‒‒ ‒‒‒‒‒‒‒‒ ‒‒‒ ‒‒‒‒ ‒‒‒‒‒‒‒‒ ‒‒‒‒‒ ‒‒‒‒
‒‒‒‒‒‒‒‒ ‒‒‒ ‒‒‒ ‒‒‒‒‒ ‒‒‒‒ ‒‒‒‒
‒‒‒‒‒‒‒ ‒‒‒‒ ‒‒‒‒‒‒‒‒‒ ‒‒‒‒‒ ‒‒‒‒‒‒‒‒ ‒‒‒
‒‒‒‒‒ ‒‒‒‒‒‒ ‒‒‒‒‒‒‒‒‒ ‒‒‒‒‒‒ ‒‒‒‒‒
‒‒‒‒ ‒‒‒‒‒‒‒ ‒‒‒‒‒‒‒‒ ‒‒‒‒‒‒ ‒‒‒‒‒‒‒‒ ‒‒‒‒‒‒‒‒ ‒‒‒‒‒ ‒‒‒‒‒‒‒
‒‒‒‒‒‒‒‒‒ ‒‒‒‒‒‒‒‒‒ ‒‒‒‒‒‒‒‒ ‒‒‒‒‒‒‒ ‒‒‒‒‒ ‒‒‒‒‒‒‒ ‒‒‒‒ ‒‒‒‒‒‒‒
‒‒‒‒‒‒‒‒ ‒‒‒ ‒‒‒‒‒‒‒‒ ‒‒‒‒‒‒‒ ‒‒‒‒‒‒‒‒‒ ‒‒‒‒‒‒ ‒‒‒
‒‒‒‒‒‒‒ ‒‒‒‒‒ ‒‒‒‒‒‒‒ ‒‒‒‒‒‒‒‒ ‒‒‒‒‒‒ ‒‒‒‒‒
‒‒‒‒‒ ‒‒‒‒‒‒ ‒‒‒‒‒‒‒ ‒‒‒‒‒‒‒‒ ‒‒‒‒‒‒‒‒‒ ‒‒‒‒
‒‒‒‒ ‒‒‒‒‒‒‒‒ ‒‒‒‒‒‒‒ ‒‒‒‒‒‒‒‒ ‒‒‒‒‒‒
‒‒‒‒‒‒‒‒‒ ‒‒‒‒‒‒‒‒‒ ‒‒‒‒‒‒ ‒‒‒‒‒‒‒‒‒ ‒‒‒ ‒‒‒‒‒‒‒‒‒ ‒‒‒‒ ‒‒‒‒‒‒‒
‒‒‒‒‒‒‒‒ ‒‒‒‒ ‒‒‒‒‒‒ ‒‒‒‒‒‒‒‒‒ ‒‒‒‒‒‒ ‒‒‒‒‒‒‒‒ ‒‒‒ ‒‒‒‒‒‒‒
‒‒‒‒‒‒ ‒‒‒‒‒ ‒‒‒‒‒ ‒‒‒ ‒‒‒ ‒‒‒‒‒‒‒ ‒‒‒‒‒‒‒‒
Infanterie-Rgt. Nr. 25.
‒‒‒‒‒ ‒‒‒‒‒‒‒ ‒‒‒‒‒ ‒‒‒ ‒‒‒‒‒‒‒ ‒‒‒‒‒‒ ‒‒‒‒‒‒‒
‒‒‒‒ ‒‒‒‒‒‒‒‒ ‒‒‒‒‒ ‒‒‒‒ ‒‒‒ ‒‒‒‒‒
‒‒‒‒‒‒‒‒‒ ‒‒‒ ‒‒‒‒ ‒‒‒‒ ‒‒‒‒‒‒‒
‒‒‒‒‒‒‒‒ ‒‒‒‒ ‒‒‒‒ ‒‒‒‒ ‒‒‒‒
‒‒‒‒‒‒ ‒‒‒‒‒‒ ‒‒‒‒ ‒‒‒‒‒ ‒‒‒‒‒‒‒‒ ‒‒‒‒‒‒‒‒‒ ‒‒‒‒‒‒‒‒ ‒‒‒‒‒‒
‒‒‒‒‒ ‒‒‒‒‒‒‒ ‒‒‒ ‒‒‒‒‒ ‒‒‒‒ ‒‒‒‒‒‒‒‒‒ ‒‒‒‒‒‒‒
‒‒‒ ‒‒‒‒‒‒‒‒‒ ‒‒‒ ‒‒‒‒‒‒ ‒‒‒‒‒‒‒‒ ‒‒‒‒‒‒‒‒ ‒‒‒‒‒‒
‒‒‒‒‒‒‒‒‒ ‒‒‒ ‒‒‒‒‒‒‒‒‒ ‒‒‒‒‒‒ ‒‒‒‒‒ ‒‒‒‒‒‒‒
‒‒‒‒‒‒‒‒ ‒‒‒‒‒ ‒‒‒‒‒‒‒‒‒ ‒‒‒‒‒‒‒ ‒‒‒‒‒‒‒‒
‒‒‒‒‒‒ ‒‒‒‒‒‒ ‒‒‒‒‒‒‒‒‒ ‒‒‒‒‒‒‒ ‒‒‒‒‒
‒‒‒‒‒ ‒‒‒‒‒‒‒‒ ‒‒‒‒‒‒‒‒ ‒‒‒‒‒‒‒‒ ‒‒‒‒‒‒‒‒‒ ‒‒‒‒ ‒‒‒‒‒‒‒ ‒‒‒‒‒
‒‒‒ ‒‒‒‒‒‒‒‒‒ ‒‒‒‒‒‒‒‒ ‒‒‒‒‒‒‒‒ ‒‒‒‒‒‒ ‒‒‒ ‒‒‒‒‒‒
‒‒‒‒‒‒‒‒‒ ‒‒‒‒ ‒‒‒‒‒‒‒‒ ‒‒‒‒‒‒‒‒ ‒‒‒‒‒‒‒‒‒ ‒‒‒‒‒‒‒‒‒ ‒‒‒‒
‒‒‒‒‒‒‒ ‒‒‒‒‒ ‒‒‒‒‒‒‒ ‒‒‒‒‒‒‒‒‒ ‒‒‒‒‒‒ ‒‒‒‒‒‒‒‒
‒‒‒‒‒‒ ‒‒‒‒‒‒‒ ‒‒‒‒‒‒‒ ‒‒‒‒‒‒‒‒‒ ‒‒‒
‒‒‒‒‒ ‒‒‒‒‒‒‒‒ ‒‒‒‒‒‒ ‒‒‒ ‒‒‒‒‒‒
‒‒‒ ‒‒‒ ‒‒‒‒‒‒ ‒‒‒ ‒‒‒ ‒‒‒‒‒ ‒‒‒‒‒‒ ‒‒‒‒
‒‒‒‒‒‒‒‒‒ ‒‒‒‒ ‒‒‒‒‒‒ ‒‒‒‒ ‒‒‒‒‒‒‒ ‒‒‒‒ ‒‒‒‒‒
‒‒‒‒‒‒‒ ‒‒‒‒‒‒ ‒‒‒‒‒ ‒‒‒‒ ‒‒‒ ‒‒‒ ‒‒‒
‒‒‒‒‒‒ ‒‒‒‒‒‒‒ ‒‒‒‒‒ ‒‒‒‒‒ ‒‒‒‒‒‒‒ ‒‒‒‒‒‒‒‒‒
‒‒‒‒ ‒‒‒‒‒‒‒‒‒ ‒‒‒‒‒ ‒‒‒‒‒ ‒‒‒‒
‒‒‒ ‒‒‒ ‒‒‒‒ ‒‒‒‒‒ ‒‒‒‒‒‒‒‒
‒‒‒‒‒‒‒‒‒ ‒‒‒‒‒ ‒‒‒‒ ‒‒‒‒‒‒ ‒‒‒‒ ‒‒‒‒‒‒ ‒‒‒‒‒ ‒‒‒‒
‒‒‒‒‒‒‒ ‒‒‒‒‒‒ ‒‒‒ ‒‒‒‒‒‒ ‒‒‒‒‒‒‒‒ ‒‒‒‒‒ ‒‒‒
‒‒‒‒‒‒ ‒‒‒‒‒‒‒‒ ‒‒‒ ‒‒‒‒‒‒‒ ‒‒‒‒‒ ‒‒‒‒ ‒‒‒‒‒‒‒‒‒
‒‒‒‒ ‒‒‒‒‒‒‒‒‒ ‒‒‒ ‒‒‒‒‒‒‒ ‒‒‒‒‒‒‒‒ ‒‒‒
‒‒‒ ‒‒‒‒ ‒‒‒‒‒‒‒‒‒ ‒‒‒‒‒‒‒‒ ‒‒‒‒‒
‒‒‒‒‒‒‒‒ ‒‒‒‒‒ ‒‒‒‒‒‒‒‒‒ ‒‒‒‒‒‒‒‒ ‒‒‒‒‒‒‒‒‒
‒‒‒‒‒‒‒ ‒‒‒‒‒‒‒ ‒‒‒‒‒‒‒‒ ‒‒‒‒‒‒‒‒‒ ‒‒‒‒‒ ‒‒‒‒‒‒‒ ‒‒‒ ‒‒‒
‒‒‒‒‒‒ ‒‒‒‒‒‒‒‒ ‒‒‒‒‒‒‒‒ ‒‒‒‒‒‒‒‒‒ ‒‒‒‒‒‒‒‒‒ ‒‒‒‒‒‒ ‒‒‒‒‒‒‒‒‒
‒‒‒‒ ‒‒‒ ‒‒‒‒‒‒‒‒ ‒‒‒‒‒‒‒‒‒ ‒‒‒‒‒‒ ‒‒‒‒‒ ‒‒‒‒‒‒‒‒
‒‒‒ ‒‒‒‒ ‒‒‒‒‒‒‒ ‒‒‒ ‒‒‒ ‒‒‒‒
‒‒‒‒‒‒‒‒ ‒‒‒‒‒‒ ‒‒‒‒‒‒‒ ‒‒‒ ‒‒‒‒‒‒ ‒‒‒
‒‒‒‒‒‒‒ ‒‒‒‒‒‒‒ ‒‒‒‒‒‒‒ ‒‒‒‒ ‒‒‒
‒‒‒‒‒ ‒‒‒‒‒‒‒‒‒ ‒‒‒‒‒‒ ‒‒‒‒ ‒‒‒‒‒‒‒ ‒‒‒‒‒‒‒‒‒ ‒‒‒‒‒‒‒‒‒ ‒‒‒‒‒‒‒‒‒
‒‒‒‒ ‒‒‒ ‒‒‒‒‒‒ ‒‒‒‒‒ ‒‒‒ ‒‒‒‒‒‒‒‒ ‒‒‒‒‒‒‒‒ ‒‒‒‒‒‒‒‒‒
‒‒‒‒‒‒‒‒‒ ‒‒‒‒‒ ‒‒‒‒‒ ‒‒‒‒‒ ‒‒‒‒‒‒‒ ‒‒‒‒‒‒‒ ‒‒‒‒‒‒
‒‒‒‒‒‒‒‒ ‒‒‒‒‒‒ ‒‒‒‒‒ ‒‒‒‒‒‒ ‒‒‒‒ ‒‒‒‒‒‒
‒‒‒‒‒‒‒ ‒‒‒‒‒‒‒‒ ‒‒‒‒‒ ‒‒‒‒‒‒ ‒‒‒‒‒‒‒‒ ‒‒‒‒‒
‒‒‒‒‒ ‒‒‒ ‒‒‒‒ ‒‒‒‒‒‒ ‒‒‒‒
‒‒‒‒ ‒‒‒‒ ‒‒‒‒ ‒‒‒‒‒‒‒ ‒‒‒‒‒‒‒‒ ‒‒‒ ‒‒‒‒‒‒‒‒ ‒‒‒‒‒‒‒‒
‒‒‒‒‒‒‒‒‒ ‒‒‒‒‒‒ ‒‒‒‒ ‒‒‒‒‒‒‒ ‒‒‒‒‒ ‒‒‒‒‒‒‒‒‒ ‒‒‒‒‒‒ ‒‒‒‒‒‒‒‒
‒‒‒‒‒‒‒‒ ‒‒‒‒‒‒‒ ‒‒‒ ‒‒‒‒‒‒‒‒ ‒‒‒‒‒‒‒‒ ‒‒‒‒‒‒‒‒ ‒‒‒‒‒
‒‒‒‒‒‒ ‒‒‒‒‒‒‒‒‒ ‒‒‒ ‒‒‒‒‒‒‒‒ ‒‒‒‒‒ ‒‒‒‒‒‒‒
‒‒‒‒‒ ‒‒‒ ‒‒‒‒‒‒‒‒‒ ‒‒‒‒‒‒‒‒‒ ‒‒‒‒‒‒‒‒‒ ‒‒‒‒‒‒
‒‒‒‒ ‒‒‒‒‒ ‒‒‒‒‒‒‒‒‒ ‒‒‒‒‒‒‒‒‒ ‒‒‒‒‒
‒‒‒‒‒‒‒‒‒ ‒‒‒‒‒‒ ‒‒‒‒‒‒‒‒‒ ‒‒‒ ‒‒‒‒‒‒‒‒‒ ‒‒‒‒ ‒‒‒‒‒‒‒ ‒‒‒‒‒‒‒‒
‒‒‒‒‒‒‒‒ ‒‒‒‒‒‒‒‒ ‒‒‒‒‒‒‒‒ ‒‒‒ ‒‒‒‒‒‒ ‒‒‒ ‒‒‒‒‒ ‒‒‒‒‒‒‒
‒‒‒‒‒‒ ‒‒‒‒‒‒‒‒‒ ‒‒‒‒‒‒‒‒ ‒‒‒ ‒‒‒ ‒‒‒‒‒‒‒‒‒ ‒‒‒‒
‒‒‒‒‒ ‒‒‒‒ ‒‒‒‒‒‒‒‒ ‒‒‒‒ ‒‒‒‒‒‒ ‒‒‒‒‒‒‒‒
‒‒‒ ‒‒‒‒‒ ‒‒‒‒‒‒‒ ‒‒‒‒ ‒‒‒ ‒‒‒‒‒‒‒
‒‒‒‒‒‒‒‒‒ ‒‒‒‒‒‒‒ ‒‒‒‒‒‒‒ ‒‒‒‒‒ ‒‒‒‒‒‒‒
‒‒‒‒‒‒‒‒ ‒‒‒‒‒‒‒‒ ‒‒‒‒‒‒ ‒‒‒‒‒ ‒‒‒ ‒‒‒‒‒ ‒‒‒‒‒ ‒‒‒‒‒‒‒
‒‒‒‒‒‒ ‒‒‒ ‒‒‒‒‒‒ ‒‒‒‒‒‒ ‒‒‒‒‒‒‒ ‒‒‒‒ ‒‒‒‒ ‒‒‒‒‒‒‒
‒‒‒‒‒ ‒‒‒‒ ‒‒‒‒‒‒ ‒‒‒‒‒‒ ‒‒‒‒ ‒‒‒ ‒‒‒
‒‒‒ ‒‒‒‒‒‒ ‒‒‒‒‒ ‒‒‒‒‒‒‒ ‒‒‒‒‒‒‒ ‒‒‒‒‒‒‒‒‒
‒‒‒‒‒‒‒‒‒ ‒‒‒‒‒‒‒ ‒‒‒‒‒ ‒‒‒‒‒‒‒ ‒‒‒‒ ‒‒‒‒‒‒‒‒
‒‒‒‒‒‒‒ ‒‒‒‒‒‒‒‒‒ ‒‒‒‒‒ ‒‒‒‒‒‒‒ ‒‒‒‒‒‒‒‒
‒‒‒‒‒‒ ‒‒‒ ‒‒‒‒ ‒‒‒‒‒‒‒‒ ‒‒‒‒‒ ‒‒‒‒‒‒ ‒‒‒‒ ‒‒‒‒‒‒
‒‒‒‒‒ ‒‒‒‒‒ ‒‒‒‒ ‒‒‒‒‒‒‒‒ ‒‒‒‒‒‒‒‒ ‒‒‒‒‒ ‒‒‒ ‒‒‒‒‒‒
‒‒‒ ‒‒‒‒‒‒ ‒‒‒ ‒‒‒‒‒‒‒‒‒ ‒‒‒‒‒ ‒‒‒‒ ‒‒‒‒‒‒‒‒
‒‒‒‒‒‒‒‒‒ ‒‒‒‒‒‒‒‒ ‒‒‒ ‒‒‒‒‒‒‒‒‒ ‒‒‒‒‒‒‒‒‒ ‒‒‒
‒‒‒‒‒‒‒ ‒‒‒‒‒‒‒‒‒ ‒‒‒ ‒‒‒ ‒‒‒‒‒ ‒‒‒
‒‒‒‒‒‒ ‒‒‒‒ ‒‒‒‒‒‒‒‒‒ ‒‒‒ ‒‒‒‒‒‒‒‒‒
Infanterie-Rgt. Nr. 26.
‒‒‒‒ ‒‒‒‒‒ ‒‒‒‒‒‒‒‒‒ ‒‒‒‒ ‒‒‒‒‒‒
‒‒‒ ‒‒‒‒‒‒‒ ‒‒‒‒‒‒‒‒‒ ‒‒‒‒ ‒‒‒‒‒‒‒‒‒ ‒‒‒‒‒‒‒ ‒‒‒‒‒‒‒‒ ‒‒‒‒‒
‒‒‒‒‒‒‒‒‒ ‒‒‒‒‒‒‒‒ ‒‒‒‒‒‒‒‒ ‒‒‒‒ ‒‒‒‒‒‒ ‒‒‒‒‒‒ ‒‒‒‒‒‒‒
‒‒‒‒‒‒‒ ‒‒‒ ‒‒‒‒‒‒‒‒ ‒‒‒‒‒ ‒‒‒ ‒‒‒‒‒ ‒‒‒‒‒‒
‒‒‒‒‒‒ ‒‒‒‒ ‒‒‒‒‒‒‒ ‒‒‒‒‒ ‒‒‒‒‒‒‒ ‒‒‒‒
‒‒‒‒ ‒‒‒‒‒‒ ‒‒‒‒‒‒‒ ‒‒‒‒‒‒ ‒‒‒
